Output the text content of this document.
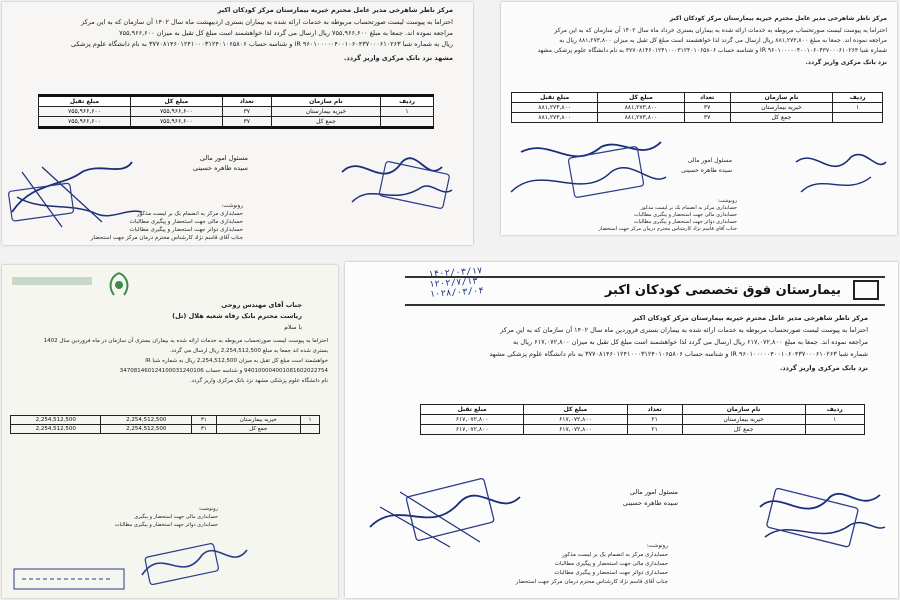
مرکز ناظر شاهرخی مدیر عامل محترم خیریه بیمارستان مرکز کودکان اکبر
احتراما به پیوست لیست صورتحساب مربوطه به خدمات ارائه شده به بیماران بستری اردیبهشت ماه سال ۱۴۰۲ آن سازمان که به این مرکز
مراجعه نموده اند. جمعا به مبلغ ۷۵۵,۹۶۶,۶۰۰ ریال ارسال می گردد لذا خواهشمند است مبلغ کل تقبل به میزان ۷۵۵,۹۶۶,۶۰۰
ریال به شماره شبا IR ۹۶۰۱۰۰۰۰۰۴۰۰۱۰۶۰۴۳۷۰۰۰۶۱۰۲۶۳ و شناسه حساب ۳۷۷۰۸۱۴۶۰۱۲۴۱۰۰۰۳۱۲۴۰۱۰۶۵۸۰۶ به نام دانشگاه علوم پزشکی
مشهد نزد بانک مرکزی واریز گردد.
ردیف	نام سازمان	تعداد	مبلغ کل	مبلغ تقبل
۱	خیریه بیمارستان	۳۷	۷۵۵,۹۶۶,۶۰۰	۷۵۵,۹۶۶,۶۰۰
	جمع کل	۳۷	۷۵۵,۹۶۶,۶۰۰	۷۵۵,۹۶۶,۶۰۰
مسئول امور مالی
سیده طاهره حسینی
رونوشت:
حسابداری مرکز به انضمام بک بر لیست مذکور
حسابداری مالی جهت استحضار و پیگیری مطالبات
حسابداری دوائر جهت استحضار و پیگیری مطالبات
جناب آقای قاسم نژاد کارشناس محترم درمان مرکز جهت استحضار
مرکز ناظر شاهرخی مدیر عامل محترم خیریه بیمارستان مرکز کودکان اکبر
احتراما به پیوست لیست صورتحساب مربوطه به خدمات ارائه شده به بیماران بستری خرداد ماه سال ۱۴۰۲ آن سازمان که به این مرکز
مراجعه نموده اند. جمعا به مبلغ ۸۸۱,۲۷۳,۸۰۰ ریال ارسال می گردد لذا خواهشمند است مبلغ کل تقبل به میزان ۸۸۱,۲۷۳,۸۰۰ ریال به
شماره شبا IR ۹۶۰۱۰۰۰۰۰۴۰۰۱۰۶۰۴۳۷۰۰۰۶۱۰۲۶۳ و شناسه حساب ۳۷۷۰۸۱۴۶۰۱۲۴۱۰۰۰۳۱۲۴۰۱۰۶۵۸۰۶ به نام دانشگاه علوم پزشکی مشهد
نزد بانک مرکزی واریز گردد.
ردیف	نام سازمان	تعداد	مبلغ کل	مبلغ تقبل
۱	خیریه بیمارستان	۳۷	۸۸۱,۲۷۳,۸۰۰	۸۸۱,۲۷۳,۸۰۰
	جمع کل	۳۷	۸۸۱,۲۷۳,۸۰۰	۸۸۱,۲۷۳,۸۰۰
مسئول امور مالی
سیده طاهره حسینی
رونوشت:
حسابداری مرکز به انضمام بک بر لیست مذکور
حسابداری مالی جهت استحضار و پیگیری مطالبات
حسابداری دوائر جهت استحضار و پیگیری مطالبات
جناب آقای قاسم نژاد کارشناس محترم درمان مرکز جهت استحضار
جناب آقای مهندس روحی
ریاست محترم بانک رفاه شعبه هلال (تل)
با سلام
احتراما به پیوست لیست صورتحساب مربوطه به خدمات ارائه شده به بیماران بستری آن سازمان در ماه فروردین سال 1402
بستری شده اند جمعا به مبلغ 2,254,512,500 ریال ارسال می گردد.
خواهشمند است مبلغ کل تقبل به میزان 2,254,512,500 ریال به شماره شبا IR
940100004001081602022754 و شناسه حساب 347081460124100031240106
نام دانشگاه علوم پزشکی مشهد نزد بانک مرکزی واریز گردد.
۱	خیریه بیمارستان	۳۱	2,254,512,500	2,254,512,500
	جمع کل	۳۱	2,254,512,500	2,254,512,500
رونوشت:
حسابداری مالی جهت استحضار و پیگیری
حسابداری دوائر جهت استحضار و پیگیری مطالبات
۱۴۰۲/۰۳/۱۷
۱۲۰۲/۷/۱۳
۱۰۲۸/۰۳/۰۴	بیمارستان فوق تخصصی کودکان اکبر
مرکز ناظر شاهرخی مدیر عامل محترم خیریه بیمارستان مرکز کودکان اکبر
احتراما به پیوست لیست صورتحساب مربوطه به خدمات ارائه شده به بیماران بستری فروردین ماه سال ۱۴۰۲ آن سازمان که به این مرکز
مراجعه نموده اند. جمعا به مبلغ ۶۱۷,۰۷۲,۸۰۰ ریال ارسال می گردد لذا خواهشمند است مبلغ کل تقبل به میزان ۶۱۷,۰۷۲,۸۰۰ ریال به
شماره شبا IR ۹۶۰۱۰۰۰۰۰۴۰۰۱۰۶۰۴۳۷۰۰۰۶۱۰۲۶۳ و شناسه حساب ۳۷۷۰۸۱۴۶۰۱۲۴۱۰۰۰۳۱۲۴۰۱۰۶۵۸۰۶ به نام دانشگاه علوم پزشکی مشهد
نزد بانک مرکزی واریز گردد.
ردیف	نام سازمان	تعداد	مبلغ کل	مبلغ تقبل
۱	خیریه بیمارستان	۲۱	۶۱۷,۰۷۲,۸۰۰	۶۱۷,۰۷۲,۸۰۰
	جمع کل	۲۱	۶۱۷,۰۷۲,۸۰۰	۶۱۷,۰۷۲,۸۰۰
مسئول امور مالی
سیده طاهره حسینی
رونوشت:
حسابداری مرکز به انضمام بک بر لیست مذکور
حسابداری مالی جهت استحضار و پیگیری مطالبات
حسابداری دوائر جهت استحضار و پیگیری مطالبات
جناب آقای قاسم نژاد کارشناس محترم درمان مرکز جهت استحضار
